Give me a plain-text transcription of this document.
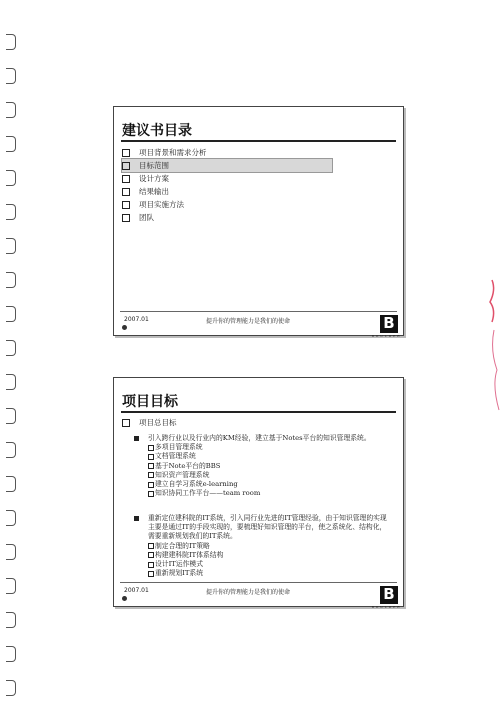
建议书目录
项目背景和需求分析
目标范围
设计方案
结果输出
项目实施方法
团队
2007.01	提升你的管理能力是我们的使命	B
B O U L D E R
项目目标
项目总目标
引入跨行业以及行业内的KM经验，建立基于Notes平台的知识管理系统。
多项目管理系统
文档管理系统
基于Note平台的BBS
知识资产管理系统
建立自学习系统e-learning
知识协同工作平台——team room
重新定位建科院的IT系统，引入同行业先进的IT管理经验，由于知识管理的实现主要是通过IT的手段实现的，要梳理好知识管理的平台，使之系统化、结构化，需要重新规划我们的IT系统。
制定合理的IT策略
构建建科院IT体系结构
设计IT运作模式
重新规划IT系统
2007.01	提升你的管理能力是我们的使命	B
B O U L D E R
